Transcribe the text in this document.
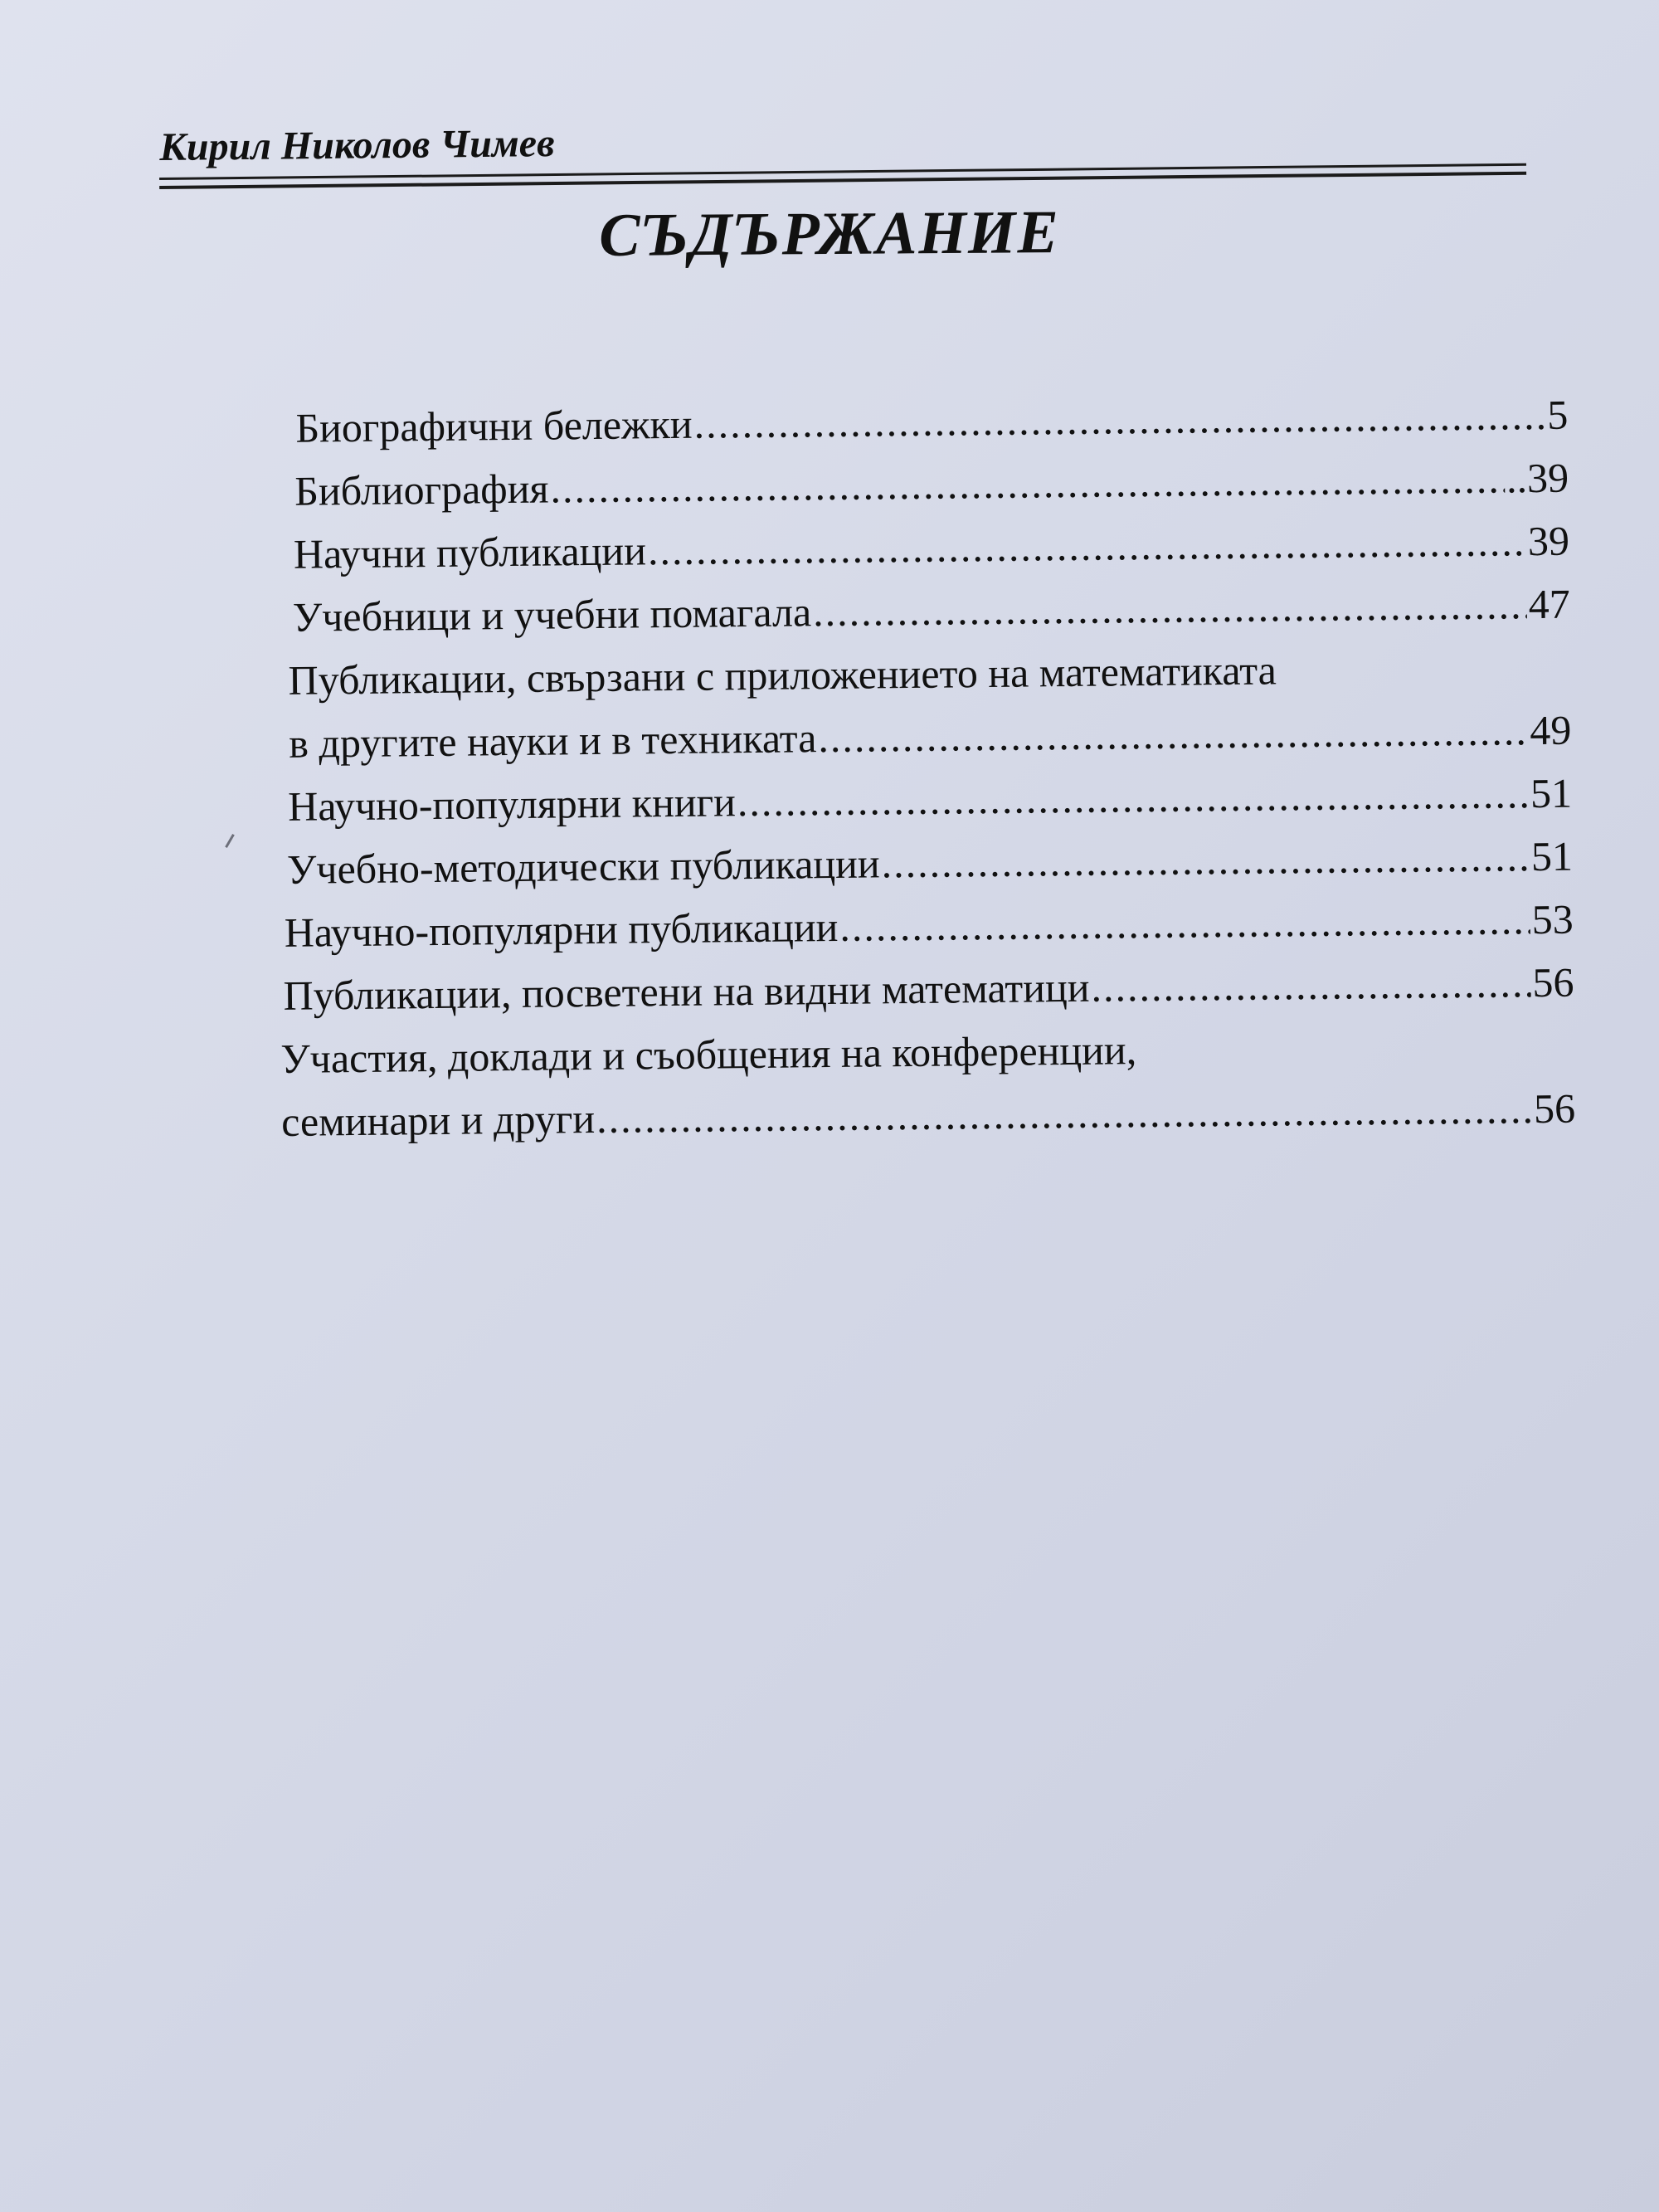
Кирил Николов Чимев
СЪДЪРЖАНИЕ
Биографични бележки .....	5
Библиография .....	..39
Научни публикации .....	39
Учебници и учебни помагала .....	47
Публикации, свързани с приложението на математиката
в другите науки и в техниката .....	49
Научно-популярни книги .....	51
Учебно-методически публикации .....	51
Научно-популярни публикации .....	53
Публикации, посветени на видни математици .....	56
Участия, доклади и съобщения на конференции,
семинари и други .....	56
